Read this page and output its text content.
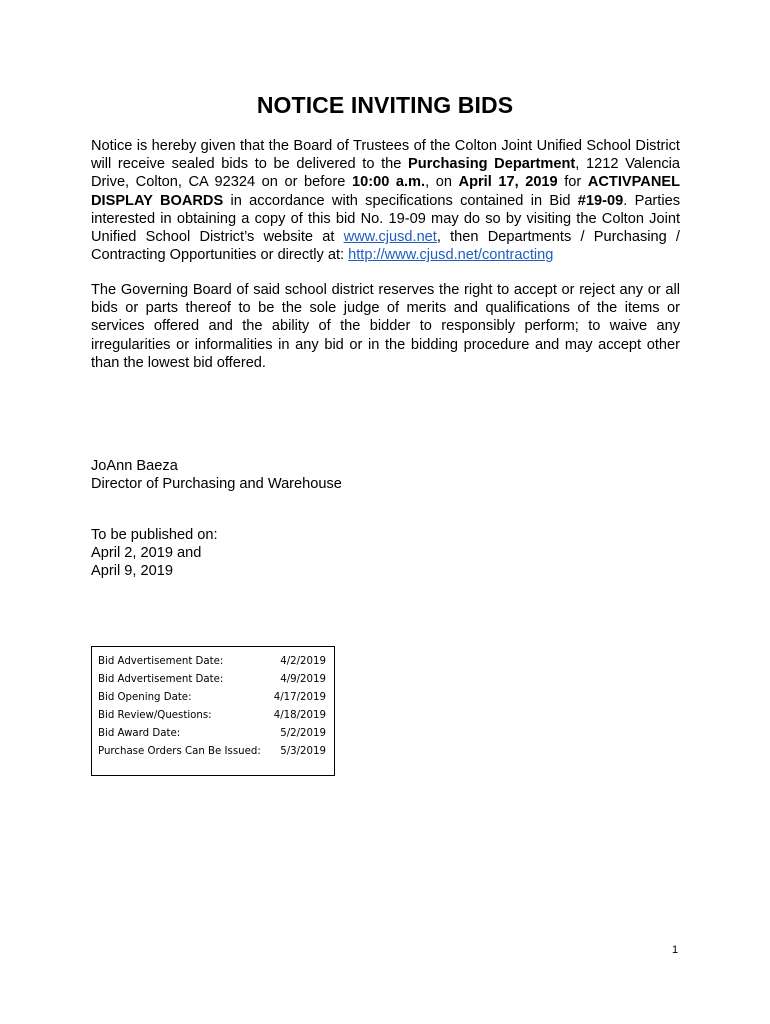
NOTICE INVITING BIDS
Notice is hereby given that the Board of Trustees of the Colton Joint Unified School District will receive sealed bids to be delivered to the Purchasing Department, 1212 Valencia Drive, Colton, CA 92324 on or before 10:00 a.m., on April 17, 2019 for ACTIVPANEL DISPLAY BOARDS in accordance with specifications contained in Bid #19-09. Parties interested in obtaining a copy of this bid No. 19-09 may do so by visiting the Colton Joint Unified School District’s website at www.cjusd.net, then Departments / Purchasing / Contracting Opportunities or directly at: http://www.cjusd.net/contracting
The Governing Board of said school district reserves the right to accept or reject any or all bids or parts thereof to be the sole judge of merits and qualifications of the items or services offered and the ability of the bidder to responsibly perform; to waive any irregularities or informalities in any bid or in the bidding procedure and may accept other than the lowest bid offered.
JoAnn Baeza
Director of Purchasing and Warehouse
To be published on:
April 2, 2019 and
April 9, 2019
Bid Advertisement Date:	4/2/2019
Bid Advertisement Date:	4/9/2019
Bid Opening Date:	4/17/2019
Bid Review/Questions:	4/18/2019
Bid Award Date:	5/2/2019
Purchase Orders Can Be Issued: 5/3/2019
1
